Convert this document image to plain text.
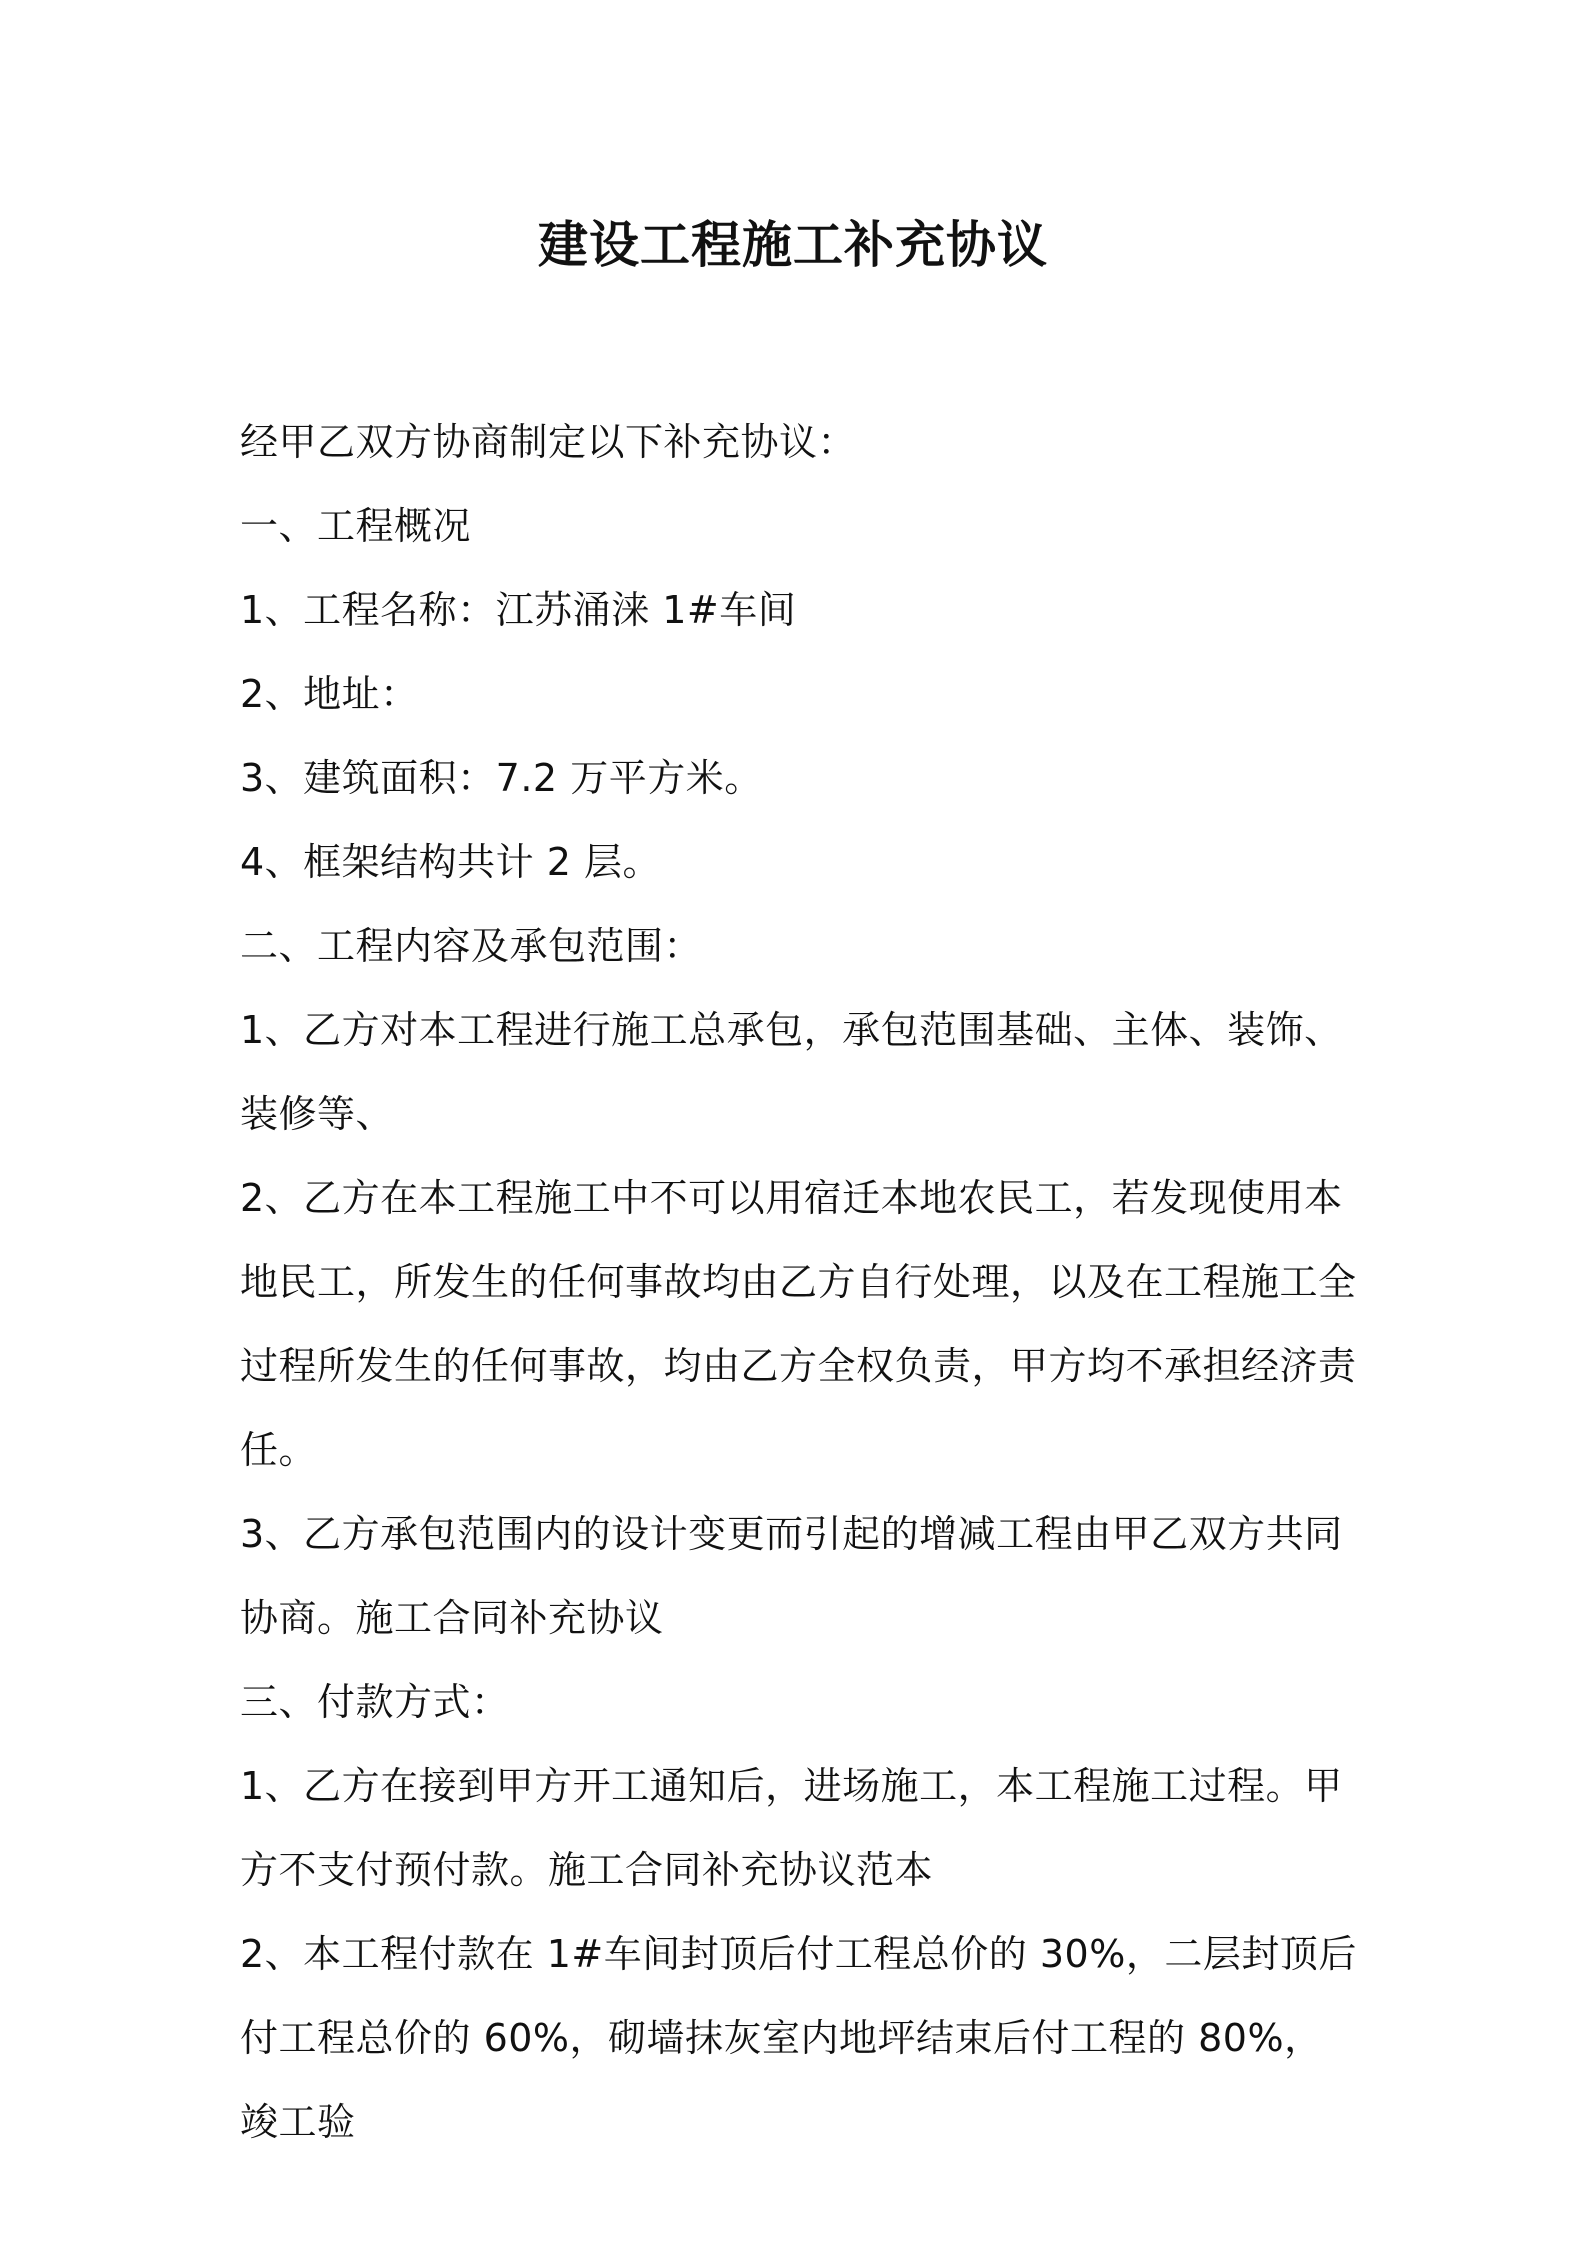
建设工程施工补充协议

经甲乙双方协商制定以下补充协议：

一、工程概况

1、工程名称：江苏涌涞 1#车间

2、地址：

3、建筑面积：7.2 万平方米。

4、框架结构共计 2 层。

二、工程内容及承包范围：

1、乙方对本工程进行施工总承包，承包范围基础、主体、装饰、装修等、

2、乙方在本工程施工中不可以用宿迁本地农民工，若发现使用本地民工，所发生的任何事故均由乙方自行处理，以及在工程施工全过程所发生的任何事故，均由乙方全权负责，甲方均不承担经济责任。

3、乙方承包范围内的设计变更而引起的增减工程由甲乙双方共同协商。施工合同补充协议

三、付款方式：

1、乙方在接到甲方开工通知后，进场施工，本工程施工过程。甲方不支付预付款。施工合同补充协议范本

2、本工程付款在 1#车间封顶后付工程总价的 30%，二层封顶后付工程总价的 60%，砌墙抹灰室内地坪结束后付工程的 80%，竣工验
